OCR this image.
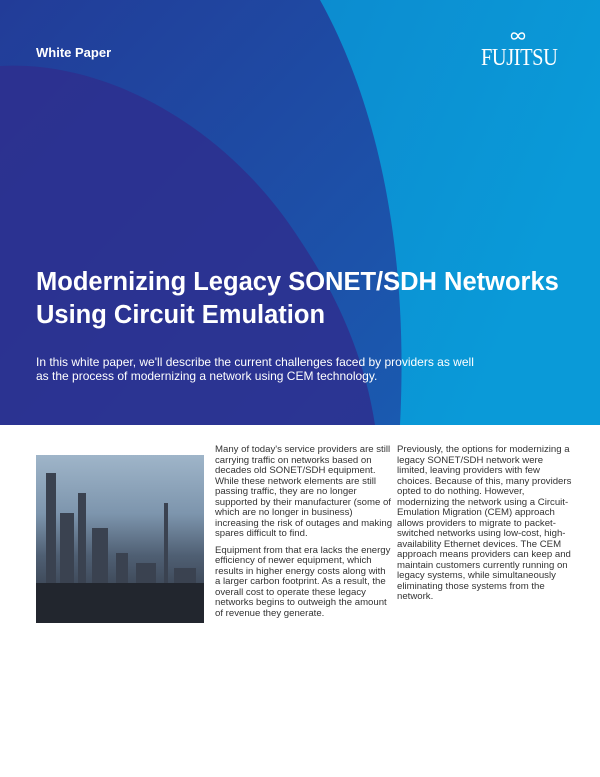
White Paper	FUJITSU
Modernizing Legacy SONET/SDH Networks Using Circuit Emulation
In this white paper, we'll describe the current challenges faced by providers as well as the process of modernizing a network using CEM technology.

Many of today's service providers are still carrying traffic on networks based on decades old SONET/SDH equipment. While these network elements are still passing traffic, they are no longer supported by their manufacturer (some of which are no longer in business) increasing the risk of outages and making spares difficult to find.

Equipment from that era lacks the energy efficiency of newer equipment, which results in higher energy costs along with a larger carbon footprint. As a result, the overall cost to operate these legacy networks begins to outweigh the amount of revenue they generate.

Previously, the options for modernizing a legacy SONET/SDH network were limited, leaving providers with few choices. Because of this, many providers opted to do nothing. However, modernizing the network using a Circuit-Emulation Migration (CEM) approach allows providers to migrate to packet-switched networks using low-cost, high-availability Ethernet devices. The CEM approach means providers can keep and maintain customers currently running on legacy systems, while simultaneously eliminating those systems from the network.
